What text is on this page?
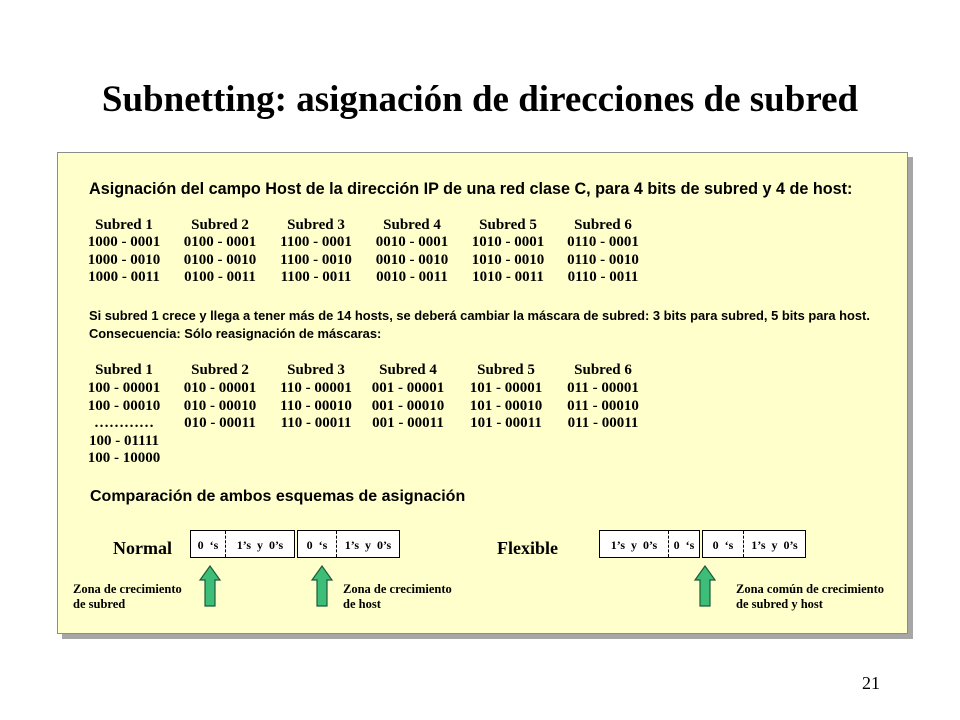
Subnetting: asignación de direcciones de subred
Asignación del campo Host de la dirección IP de una red clase C, para 4 bits de subred y 4 de host:
Subred 1	Subred 2	Subred 3	Subred 4	Subred 5	Subred 6
1000 - 0001	0100 - 0001	1100 - 0001	0010 - 0001	1010 - 0001	0110 - 0001
1000 - 0010	0100 - 0010	1100 - 0010	0010 - 0010	1010 - 0010	0110 - 0010
1000 - 0011	0100 - 0011	1100 - 0011	0010 - 0011	1010 - 0011	0110 - 0011
Si subred 1 crece y llega a tener más de 14 hosts, se deberá cambiar la máscara de subred: 3 bits para subred, 5 bits para host.
Consecuencia: Sólo reasignación de máscaras:
Subred 1	Subred 2	Subred 3	Subred 4	Subred 5	Subred 6
100 - 00001	010 - 00001	110 - 00001	001 - 00001	101 - 00001	011 - 00001
100 - 00010	010 - 00010	110 - 00010	001 - 00010	101 - 00010	011 - 00010
…………	010 - 00011	110 - 00011	001 - 00011	101 - 00011	011 - 00011
100 - 01111
100 - 10000
Comparación de ambos esquemas de asignación
Normal	0 ‘s	1’s y 0’s	0 ‘s	1’s y 0’s	Flexible	1’s y 0’s	0 ‘s	0 ‘s	1’s y 0’s
Zona de crecimiento
de subred
Zona de crecimiento
de host
Zona común de crecimiento
de subred y host
21
